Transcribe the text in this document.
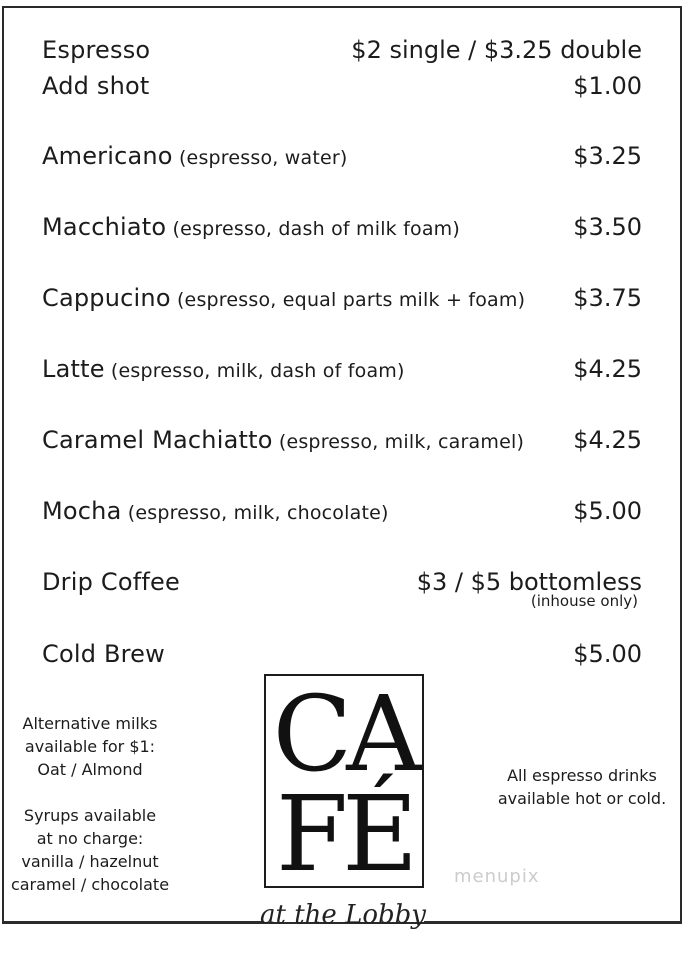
Espresso	$2 single / $3.25 double
Add shot	$1.00
Americano (espresso, water)	$3.25
Macchiato (espresso, dash of milk foam)	$3.50
Cappucino (espresso, equal parts milk + foam) $3.75
Latte (espresso, milk, dash of foam)	$4.25
Caramel Machiatto (espresso, milk, caramel) $4.25
Mocha (espresso, milk, chocolate)	$5.00
Drip Coffee	$3 / $5 bottomless
(inhouse only)
Cold Brew	$5.00
Alternative milks
available for $1:
Oat / Almond
Syrups available
at no charge:
vanilla / hazelnut
caramel / chocolate
All espresso drinks
available hot or cold.
CA
FÉ	menupix
at the Lobby
